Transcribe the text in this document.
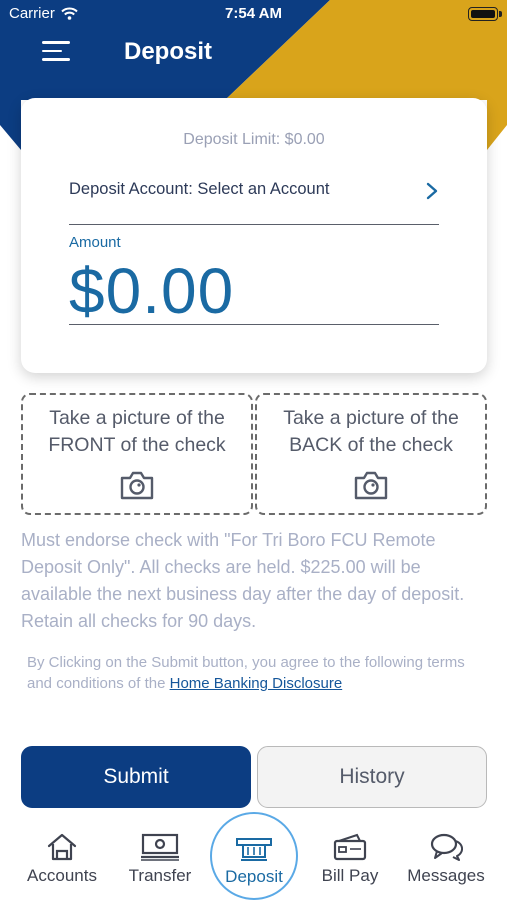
Carrier	7:54 AM
Deposit
Deposit Limit: $0.00
Deposit Account: Select an Account
Amount
$0.00
Take a picture of the FRONT of the check
Take a picture of the BACK of the check
Must endorse check with "For Tri Boro FCU Remote Deposit Only". All checks are held. $225.00 will be available the next business day after the day of deposit. Retain all checks for 90 days.
By Clicking on the Submit button, you agree to the following terms and conditions of the Home Banking Disclosure
Submit	History
Accounts	Transfer	Deposit	Bill Pay	Messages
